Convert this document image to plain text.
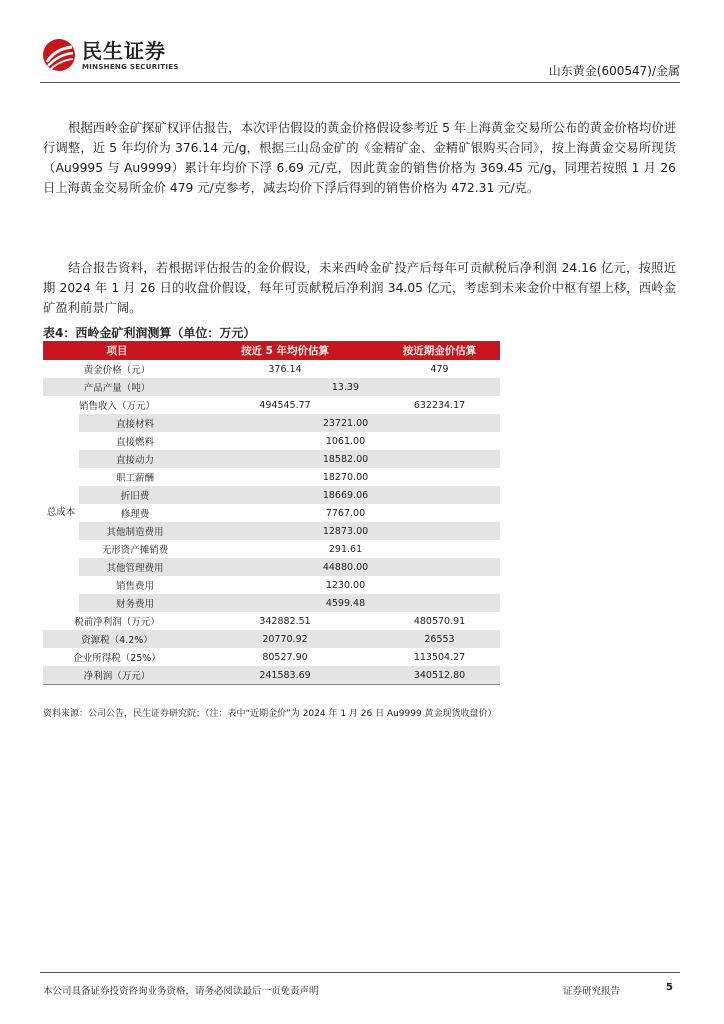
民生证券
MINSHENG SECURITIES	山东黄金(600547)/金属
根据西岭金矿探矿权评估报告，本次评估假设的黄金价格假设参考近 5 年上海黄金交易所公布的黄金价格均价进行调整，近 5 年均价为 376.14 元/g，根据三山岛金矿的《金精矿金、金精矿银购买合同》，按上海黄金交易所现货（Au9995 与 Au9999）累计年均价下浮 6.69 元/克，因此黄金的销售价格为 369.45 元/g，同理若按照 1 月 26 日上海黄金交易所金价 479 元/克参考，减去均价下浮后得到的销售价格为 472.31 元/克。
结合报告资料，若根据评估报告的金价假设，未来西岭金矿投产后每年可贡献税后净利润 24.16 亿元，按照近期 2024 年 1 月 26 日的收盘价假设，每年可贡献税后净利润 34.05 亿元，考虑到未来金价中枢有望上移，西岭金矿盈利前景广阔。
表4：西岭金矿利润测算（单位：万元）
项目		按近 5 年均价估算	按近期金价估算
黄金价格（元）		376.14	479
产品产量（吨）		13.39	
销售收入（万元）		494545.77	632234.17
总成本	直接材料	23721.00	
	直接燃料	1061.00	
	直接动力	18582.00	
	职工薪酬	18270.00	
	折旧费	18669.06	
	修理费	7767.00	
	其他制造费用	12873.00	
	无形资产摊销费	291.61	
	其他管理费用	44880.00	
	销售费用	1230.00	
	财务费用	4599.48	
税前净利润（万元）		342882.51	480570.91
资源税（4.2%）		20770.92	26553
企业所得税（25%）		80527.90	113504.27
净利润（万元）		241583.69	340512.80
资料来源：公司公告，民生证券研究院；（注：表中“近期金价”为 2024 年 1 月 26 日 Au9999 黄金现货收盘价）
本公司具备证券投资咨询业务资格，请务必阅读最后一页免责声明	证券研究报告	5
